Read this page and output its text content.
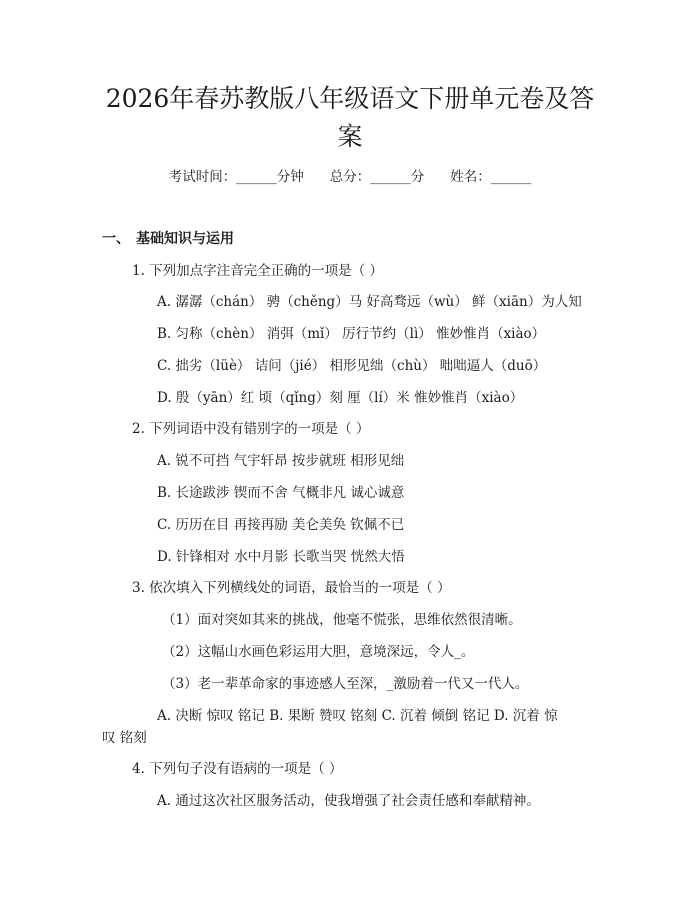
2026年春苏教版八年级语文下册单元卷及答案
考试时间：______分钟 总分：______分 姓名：______
一、 基础知识与运用
1. 下列加点字注音完全正确的一项是（ ）
A. 潺潺（chán） 骋（chěng）马 好高骛远（wù） 鲜（xiān）为人知
B. 匀称（chèn） 消弭（mǐ） 厉行节约（lì） 惟妙惟肖（xiào）
C. 拙劣（lüè） 诘问（jié） 相形见绌（chù） 咄咄逼人（duō）
D. 殷（yān）红 顷（qǐng）刻 厘（lí）米 惟妙惟肖（xiào）
2. 下列词语中没有错别字的一项是（ ）
A. 锐不可挡 气宇轩昂 按步就班 相形见绌
B. 长途跋涉 锲而不舍 气概非凡 诚心诚意
C. 历历在目 再接再励 美仑美奂 钦佩不已
D. 针锋相对 水中月影 长歌当哭 恍然大悟
3. 依次填入下列横线处的词语，最恰当的一项是（ ）
（1）面对突如其来的挑战，他毫不慌张，思维依然很清晰。
（2）这幅山水画色彩运用大胆，意境深远，令人_。
（3）老一辈革命家的事迹感人至深，_激励着一代又一代人。
A. 决断 惊叹 铭记 B. 果断 赞叹 铭刻 C. 沉着 倾倒 铭记 D. 沉着 惊
叹 铭刻
4. 下列句子没有语病的一项是（ ）
A. 通过这次社区服务活动，使我增强了社会责任感和奉献精神。
